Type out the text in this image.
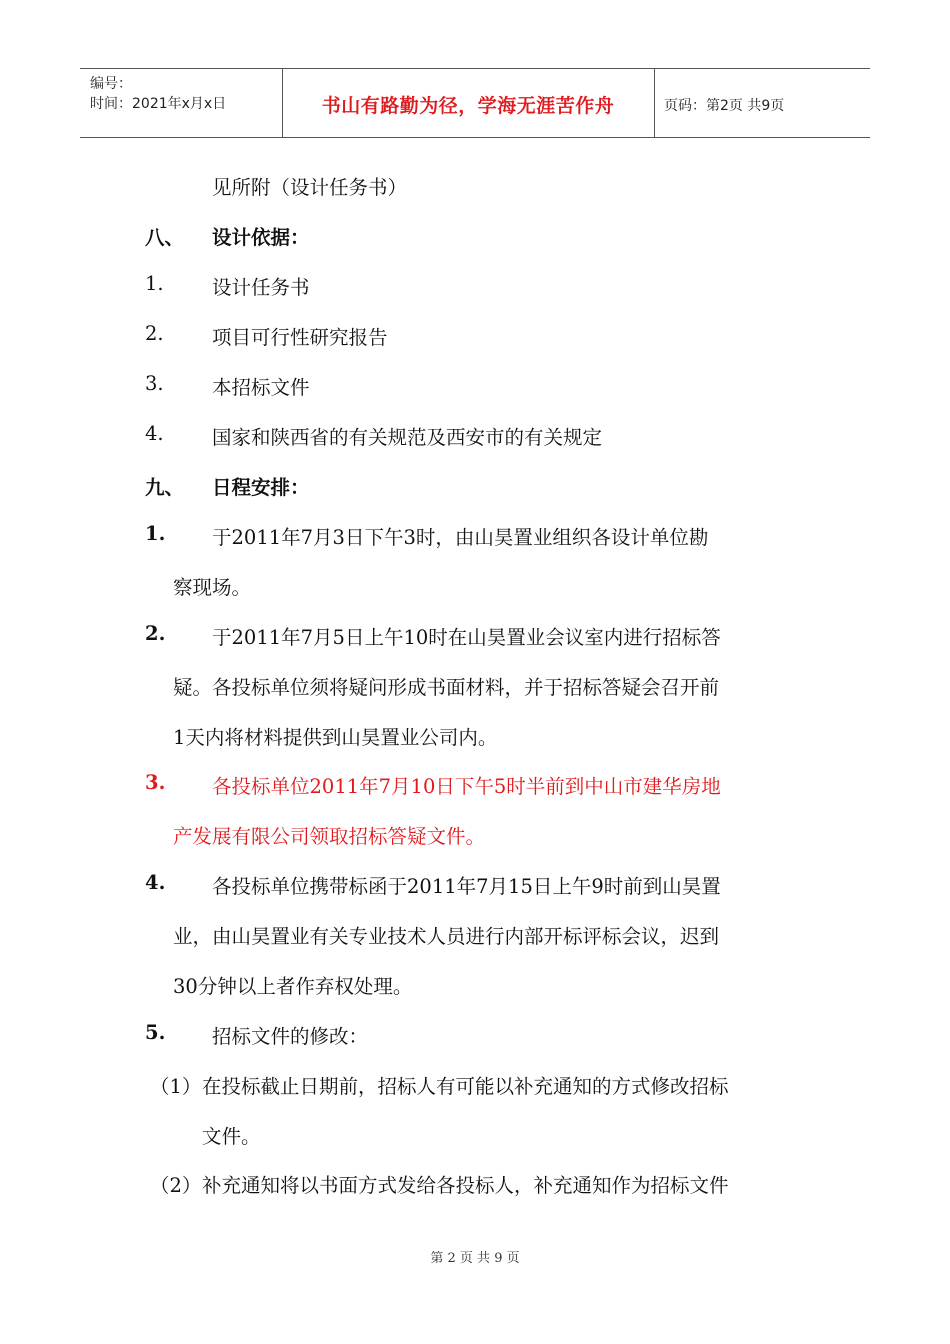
编号：
时间：2021年x月x日	书山有路勤为径，学海无涯苦作舟	页码：第2页 共9页
见所附（设计任务书）
八、 设计依据：
1. 设计任务书
2. 项目可行性研究报告
3. 本招标文件
4. 国家和陕西省的有关规范及西安市的有关规定
九、 日程安排：
1. 于2011年7月3日下午3时，由山昊置业组织各设计单位勘
察现场。
2. 于2011年7月5日上午10时在山昊置业会议室内进行招标答
疑。各投标单位须将疑问形成书面材料，并于招标答疑会召开前
1天内将材料提供到山昊置业公司内。
3. 各投标单位2011年7月10日下午5时半前到中山市建华房地
产发展有限公司领取招标答疑文件。
4. 各投标单位携带标函于2011年7月15日上午9时前到山昊置
业，由山昊置业有关专业技术人员进行内部开标评标会议，迟到
30分钟以上者作弃权处理。
5. 招标文件的修改：
（1） 在投标截止日期前，招标人有可能以补充通知的方式修改招标
文件。
（2） 补充通知将以书面方式发给各投标人，补充通知作为招标文件
第 2 页 共 9 页
